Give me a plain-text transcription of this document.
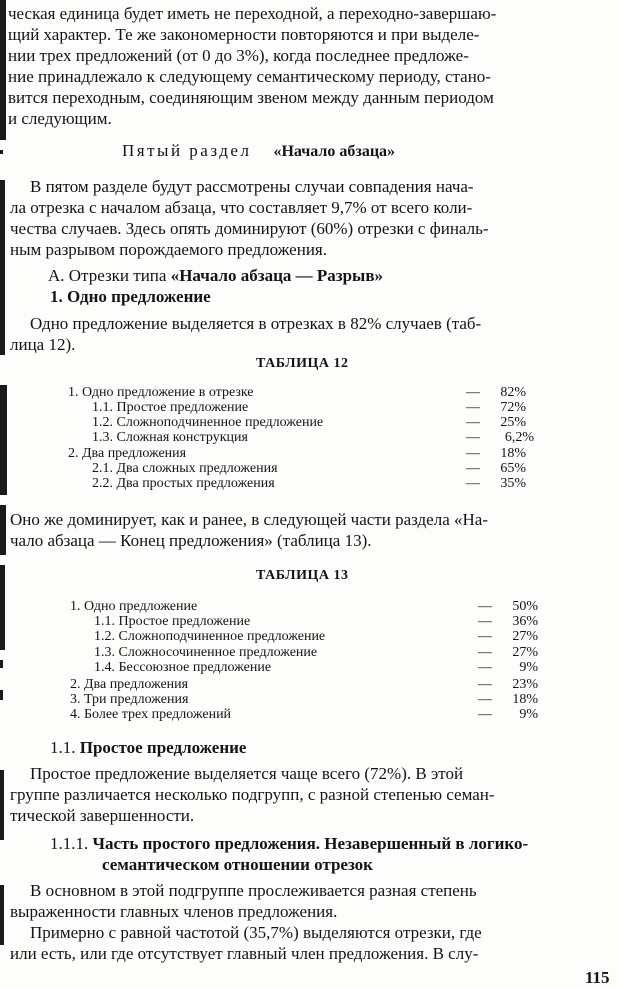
ческая единица будет иметь не переходной, а переходно-завершаю-
щий характер. Те же закономерности повторяются и при выделе-
нии трех предложений (от 0 до 3%), когда последнее предложе-
ние принадлежало к следующему семантическому периоду, стано-
вится переходным, соединяющим звеном между данным периодом
и следующим.
Пятый раздел «Начало абзаца»
В пятом разделе будут рассмотрены случаи совпадения нача-
ла отрезка с началом абзаца, что составляет 9,7% от всего коли-
чества случаев. Здесь опять доминируют (60%) отрезки с финаль-
ным разрывом порождаемого предложения.
А. Отрезки типа «Начало абзаца — Разрыв»
1. Одно предложение
Одно предложение выделяется в отрезках в 82% случаев (таб-
лица 12).
ТАБЛИЦА 12
1. Одно предложение в отрезке	—	82%
1.1. Простое предложение	—	72%
1.2. Сложноподчиненное предложение	—	25%
1.3. Сложная конструкция	—	6,2%
2. Два предложения	—	18%
2.1. Два сложных предложения	—	65%
2.2. Два простых предложения	—	35%
Оно же доминирует, как и ранее, в следующей части раздела «На-
чало абзаца — Конец предложения» (таблица 13).
ТАБЛИЦА 13
1. Одно предложение	—	50%
1.1. Простое предложение	—	36%
1.2. Сложноподчиненное предложение	—	27%
1.3. Сложносочиненное предложение	—	27%
1.4. Бессоюзное предложение	—	9%
2. Два предложения	—	23%
3. Три предложения	—	18%
4. Более трех предложений	—	9%
1.1. Простое предложение
Простое предложение выделяется чаще всего (72%). В этой
группе различается несколько подгрупп, с разной степенью семан-
тической завершенности.
1.1.1. Часть простого предложения. Незавершенный в логико-
семантическом отношении отрезок
В основном в этой подгруппе прослеживается разная степень
выраженности главных членов предложения.
Примерно с равной частотой (35,7%) выделяются отрезки, где
или есть, или где отсутствует главный член предложения. В слу-
115
